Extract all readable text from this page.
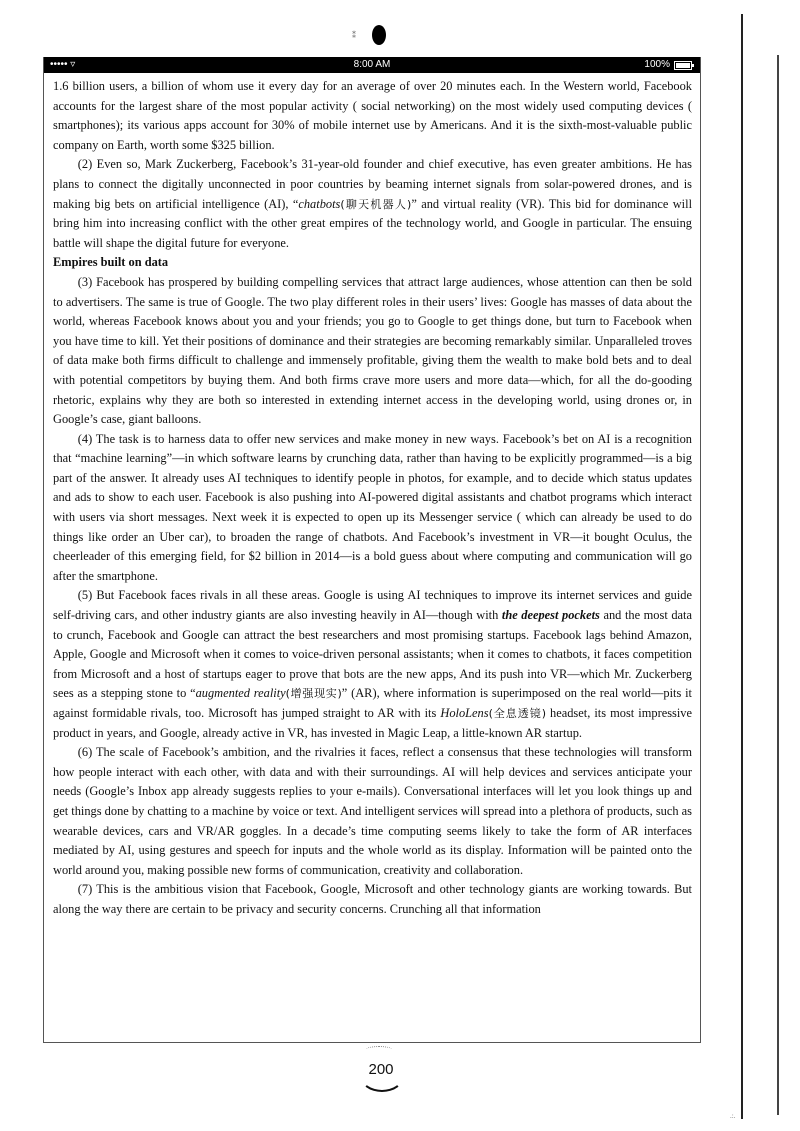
⁑
••••• ▿	8:00 AM	100%

1.6 billion users, a billion of whom use it every day for an average of over 20 minutes each. In the Western world, Facebook accounts for the largest share of the most popular activity ( social networking) on the most widely used computing devices ( smartphones); its various apps account for 30% of mobile internet use by Americans. And it is the sixth-most-valuable public company on Earth, worth some $325 billion.

(2) Even so, Mark Zuckerberg, Facebook’s 31-year-old founder and chief executive, has even greater ambitions. He has plans to connect the digitally unconnected in poor countries by beaming internet signals from solar-powered drones, and is making big bets on artificial intelligence (AI), “chatbots(聊天机器人)” and virtual reality (VR). This bid for dominance will bring him into increasing conflict with the other great empires of the technology world, and Google in particular. The ensuing battle will shape the digital future for everyone.

Empires built on data

(3) Facebook has prospered by building compelling services that attract large audiences, whose attention can then be sold to advertisers. The same is true of Google. The two play different roles in their users’ lives: Google has masses of data about the world, whereas Facebook knows about you and your friends; you go to Google to get things done, but turn to Facebook when you have time to kill. Yet their positions of dominance and their strategies are becoming remarkably similar. Unparalleled troves of data make both firms difficult to challenge and immensely profitable, giving them the wealth to make bold bets and to deal with potential competitors by buying them. And both firms crave more users and more data—which, for all the do-gooding rhetoric, explains why they are both so interested in extending internet access in the developing world, using drones or, in Google’s case, giant balloons.

(4) The task is to harness data to offer new services and make money in new ways. Facebook’s bet on AI is a recognition that “machine learning”—in which software learns by crunching data, rather than having to be explicitly programmed—is a big part of the answer. It already uses AI techniques to identify people in photos, for example, and to decide which status updates and ads to show to each user. Facebook is also pushing into AI-powered digital assistants and chatbot programs which interact with users via short messages. Next week it is expected to open up its Messenger service ( which can already be used to do things like order an Uber car), to broaden the range of chatbots. And Facebook’s investment in VR—it bought Oculus, the cheerleader of this emerging field, for $2 billion in 2014—is a bold guess about where computing and communication will go after the smartphone.

(5) But Facebook faces rivals in all these areas. Google is using AI techniques to improve its internet services and guide self-driving cars, and other industry giants are also investing heavily in AI—though with the deepest pockets and the most data to crunch, Facebook and Google can attract the best researchers and most promising startups. Facebook lags behind Amazon, Apple, Google and Microsoft when it comes to voice-driven personal assistants; when it comes to chatbots, it faces competition from Microsoft and a host of startups eager to prove that bots are the new apps, And its push into VR—which Mr. Zuckerberg sees as a stepping stone to “augmented reality(增强现实)” (AR), where information is superimposed on the real world—pits it against formidable rivals, too. Microsoft has jumped straight to AR with its HoloLens(全息透镜) headset, its most impressive product in years, and Google, already active in VR, has invested in Magic Leap, a little-known AR startup.

(6) The scale of Facebook’s ambition, and the rivalries it faces, reflect a consensus that these technologies will transform how people interact with each other, with data and with their surroundings. AI will help devices and services anticipate your needs (Google’s Inbox app already suggests replies to your e-mails). Conversational interfaces will let you look things up and get things done by chatting to a machine by voice or text. And intelligent services will spread into a plethora of products, such as wearable devices, cars and VR/AR goggles. In a decade’s time computing seems likely to take the form of AR interfaces mediated by AI, using gestures and speech for inputs and the whole world as its display. Information will be painted onto the world around you, making possible new forms of communication, creativity and collaboration.

(7) This is the ambitious vision that Facebook, Google, Microsoft and other technology giants are working towards. But along the way there are certain to be privacy and security concerns. Crunching all that information

200
.:.
